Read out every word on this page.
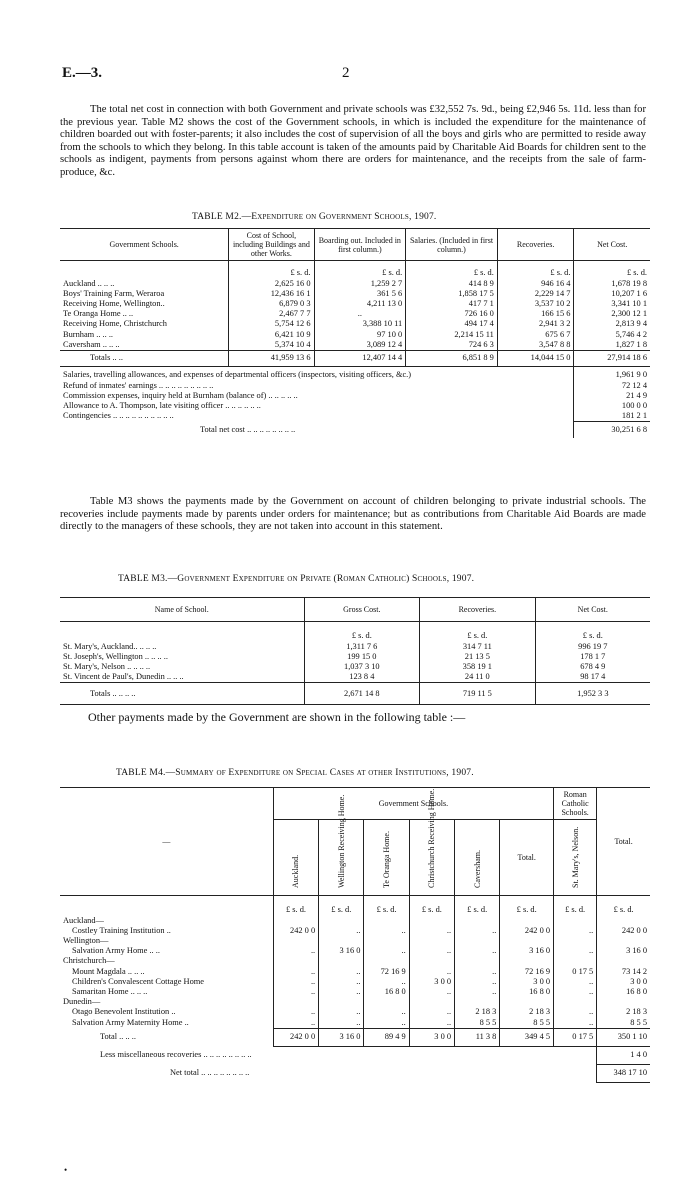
E.—3.	2
The total net cost in connection with both Government and private schools was £32,552 7s. 9d., being £2,946 5s. 11d. less than for the previous year. Table M2 shows the cost of the Government schools, in which is included the expenditure for the maintenance of children boarded out with foster-parents; it also includes the cost of supervision of all the boys and girls who are permitted to reside away from the schools to which they belong. In this table account is taken of the amounts paid by Charitable Aid Boards for children sent to the schools as indigent, payments from persons against whom there are orders for maintenance, and the receipts from the sale of farm-produce, &c.
TABLE M2.—Expenditure on Government Schools, 1907.
Government Schools.	Cost of School, including Buildings and other Works.	Boarding out. Included in first column.)	Salaries. (Included in first column.)	Recoveries.	Net Cost.
	£ s. d.	£ s. d.	£ s. d.	£ s. d.	£ s. d.
Auckland .. .. ..	2,625 16 0	1,259 2 7	414 8 9	946 16 4	1,678 19 8
Boys' Training Farm, Weraroa	12,436 16 1	361 5 6	1,858 17 5	2,229 14 7	10,207 1 6
Receiving Home, Wellington..	6,879 0 3	4,211 13 0	417 7 1	3,537 10 2	3,341 10 1
Te Oranga Home .. ..	2,467 7 7	..	726 16 0	166 15 6	2,300 12 1
Receiving Home, Christchurch	5,754 12 6	3,388 10 11	494 17 4	2,941 3 2	2,813 9 4
Burnham .. .. ..	6,421 10 9	97 10 0	2,214 15 11	675 6 7	5,746 4 2
Caversham .. .. ..	5,374 10 4	3,089 12 4	724 6 3	3,547 8 8	1,827 1 8
Totals .. ..	41,959 13 6	12,407 14 4	6,851 8 9	14,044 15 0	27,914 18 6

Salaries, travelling allowances, and expenses of departmental officers (inspectors, visiting officers, &c.)					1,961 9 0
Refund of inmates' earnings .. .. .. .. .. .. .. .. ..					72 12 4
Commission expenses, inquiry held at Burnham (balance of) .. .. .. .. ..					21 4 9
Allowance to A. Thompson, late visiting officer .. .. .. .. .. ..					100 0 0
Contingencies .. .. .. .. .. .. .. .. .. ..					181 2 1
Total net cost .. .. .. .. .. .. .. ..					30,251 6 8
Table M3 shows the payments made by the Government on account of children belonging to private industrial schools. The recoveries include payments made by parents under orders for maintenance; but as contributions from Charitable Aid Boards are made directly to the managers of these schools, they are not taken into account in this statement.
TABLE M3.—Government Expenditure on Private (Roman Catholic) Schools, 1907.
Name of School.	Gross Cost.	Recoveries.	Net Cost.
	£ s. d.	£ s. d.	£ s. d.
St. Mary's, Auckland.. .. .. ..	1,311 7 6	314 7 11	996 19 7
St. Joseph's, Wellington .. .. .. ..	199 15 0	21 13 5	178 1 7
St. Mary's, Nelson .. .. .. ..	1,037 3 10	358 19 1	678 4 9
St. Vincent de Paul's, Dunedin .. .. ..	123 8 4	24 11 0	98 17 4
Totals .. .. .. ..	2,671 14 8	719 11 5	1,952 3 3
Other payments made by the Government are shown in the following table :—
TABLE M4.—Summary of Expenditure on Special Cases at other Institutions, 1907.
—	Government Schools.						Roman Catholic Schools.	Total.

	Auckland.	Wellington Receiving Home.	Te Oranga Home.	Christchurch Receiving Home.	Caversham.	Total.	St. Mary's, Nelson.	

	£ s. d.	£ s. d.	£ s. d.	£ s. d.	£ s. d.	£ s. d.	£ s. d.	£ s. d.
Auckland—								
Costley Training Institution ..	242 0 0	..	..	..	..	242 0 0	..	242 0 0
Wellington—								
Salvation Army Home .. ..	..	3 16 0	..	..	..	3 16 0	..	3 16 0
Christchurch—								
Mount Magdala .. .. ..	..	..	72 16 9	..	..	72 16 9	0 17 5	73 14 2
Children's Convalescent Cottage Home	..	..	..	3 0 0	..	3 0 0	..	3 0 0
Samaritan Home .. .. ..	..	..	16 8 0	..	..	16 8 0	..	16 8 0
Dunedin—								
Otago Benevolent Institution ..	..	..	..	..	2 18 3	2 18 3	..	2 18 3
Salvation Army Maternity Home ..	..	..	..	..	8 5 5	8 5 5	..	8 5 5
Total .. .. ..	242 0 0	3 16 0	89 4 9	3 0 0	11 3 8	349 4 5	0 17 5	350 1 10
Less miscellaneous recoveries .. .. .. .. .. .. .. ..								1 4 0
Net total .. .. .. .. .. .. .. ..								348 17 10
•
